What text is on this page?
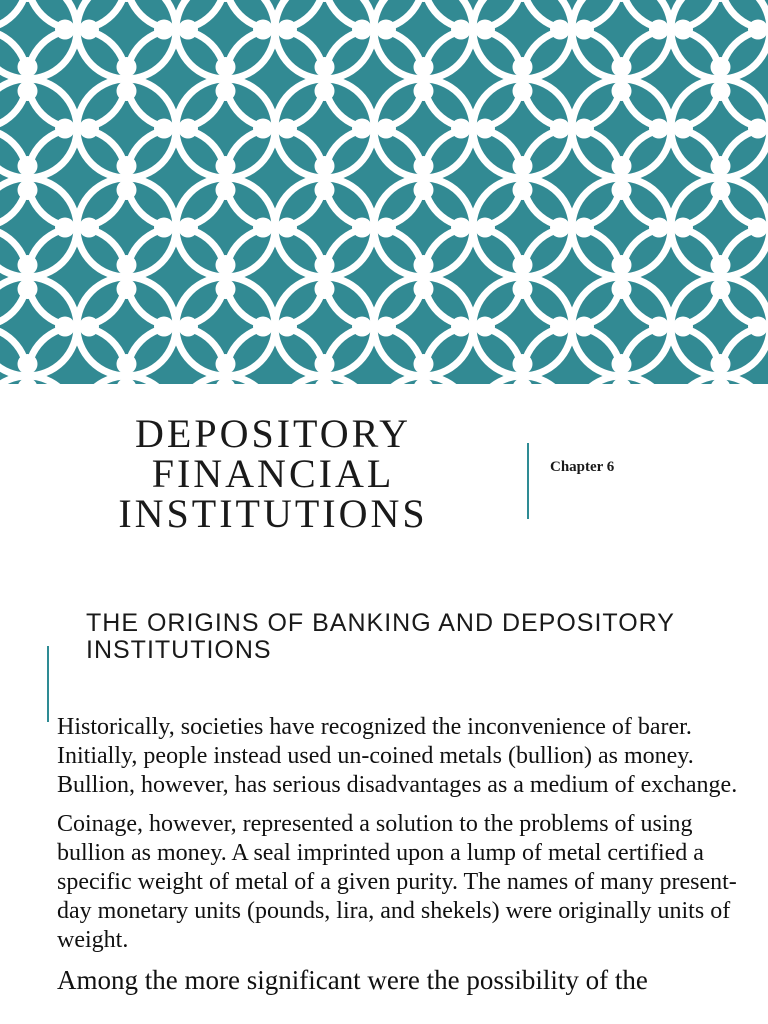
DEPOSITORY
FINANCIAL
INSTITUTIONS
Chapter 6
THE ORIGINS OF BANKING AND DEPOSITORY INSTITUTIONS

Historically, societies have recognized the inconvenience of barer. Initially, people instead used un-coined metals (bullion) as money. Bullion, however, has serious disadvantages as a medium of exchange.

Coinage, however, represented a solution to the problems of using bullion as money. A seal imprinted upon a lump of metal certified a specific weight of metal of a given purity. The names of many present-day monetary units (pounds, lira, and shekels) were originally units of weight.

Among the more significant were the possibility of the
